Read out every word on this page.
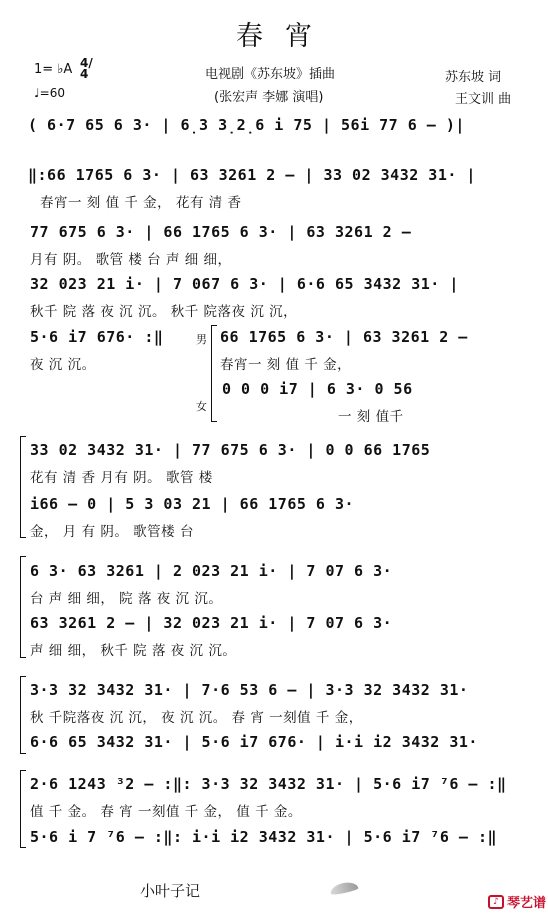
春宵
1= ♭A 4/4
♩=60
电视剧《苏东坡》插曲
(张宏声 李娜 演唱)
苏东坡 词
王文训 曲
( 6·7 65 6 3· | 6̣3 3̣2̣6 i 75 | 56i 77 6 – )|
‖:66 1765 6 3· | 63 3261 2 – | 33 02 3432 31· |
春宵一 刻 值 千 金， 花有 清 香
77 675 6 3· | 66 1765 6 3· | 63 3261 2 –
月有 阴。 歌管 楼 台 声 细 细，
32 023 21 i· | 7 067 6 3· | 6·6 65 3432 31· |
秋千 院 落 夜 沉 沉。 秋千 院落夜 沉 沉，
5·6 i7 676· :‖
夜 沉 沉。
66 1765 6 3· | 63 3261 2 –
春宵一 刻 值 千 金，
0 0 0 i7 | 6 3· 0 56
一 刻 值千
33 02 3432 31· | 77 675 6 3· | 0 0 66 1765
花有 清 香 月有 阴。 歌管 楼
i66 – 0 | 5 3 03 21 | 66 1765 6 3·
金， 月 有 阴。 歌管楼 台
6 3· 63 3261 | 2 023 21 i· | 7 07 6 3·
台 声 细 细， 院 落 夜 沉 沉。
63 3261 2 – | 32 023 21 i· | 7 07 6 3·
声 细 细， 秋千 院 落 夜 沉 沉。
3·3 32 3432 31· | 7·6 53 6 – | 3·3 32 3432 31·
秋 千院落夜 沉 沉， 夜 沉 沉。 春 宵 一刻值 千 金，
6·6 65 3432 31· | 5·6 i7 676· | i·i i2 3432 31·
2·6 1243 ³2 – :‖: 3·3 32 3432 31· | 5·6 i7 ⁷6 – :‖
值 千 金。 春 宵 一刻值 千 金， 值 千 金。
5·6 i 7 ⁷6 – :‖: i·i i2 3432 31· | 5·6 i7 ⁷6 – :‖
男
女
小叶子记
♪ 琴艺谱
